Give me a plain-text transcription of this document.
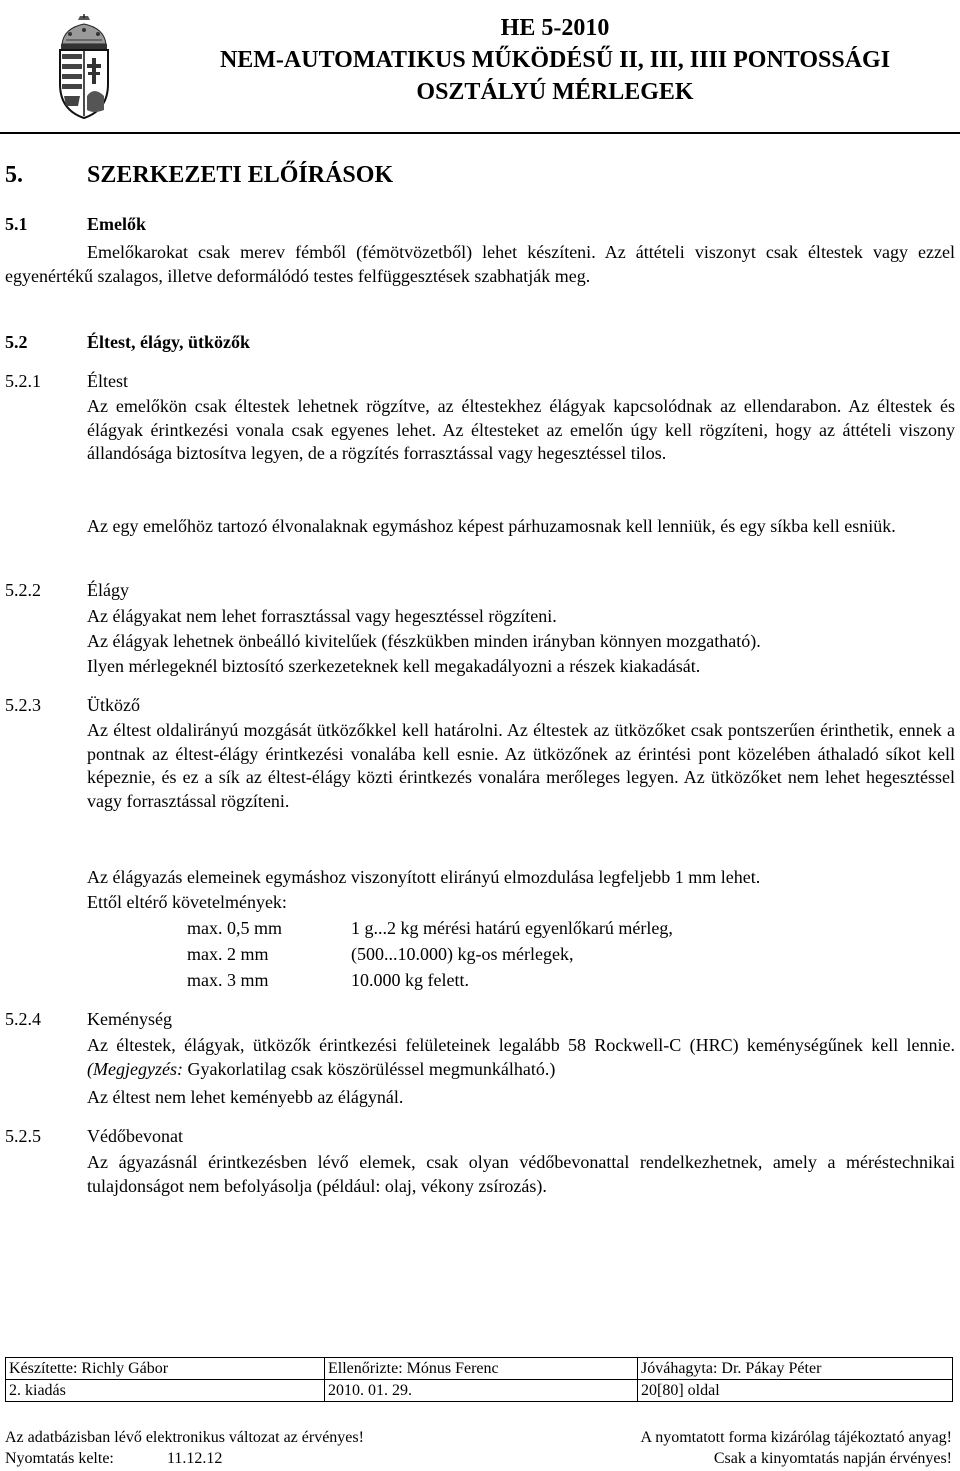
HE 5-2010
NEM-AUTOMATIKUS MŰKÖDÉSŰ II, III, IIII PONTOSSÁGI
OSZTÁLYÚ MÉRLEGEK
5.	SZERKEZETI ELŐÍRÁSOK
5.1	Emelők

Emelőkarokat csak merev fémből (fémötvözetből) lehet készíteni. Az áttételi viszonyt csak éltestek vagy ezzel egyenértékű szalagos, illetve deformálódó testes felfüggesztések szabhatják meg.

5.2	Éltest, élágy, ütközők
5.2.1	Éltest

Az emelőkön csak éltestek lehetnek rögzítve, az éltestekhez élágyak kapcsolódnak az ellendarabon. Az éltestek és élágyak érintkezési vonala csak egyenes lehet. Az éltesteket az emelőn úgy kell rögzíteni, hogy az áttételi viszony állandósága biztosítva legyen, de a rögzítés forrasztással vagy hegesztéssel tilos.

Az egy emelőhöz tartozó élvonalaknak egymáshoz képest párhuzamosnak kell lenniük, és egy síkba kell esniük.

5.2.2	Élágy
Az élágyakat nem lehet forrasztással vagy hegesztéssel rögzíteni.
Az élágyak lehetnek önbeálló kivitelűek (fészkükben minden irányban könnyen mozgatható).
Ilyen mérlegeknél biztosító szerkezeteknek kell megakadályozni a részek kiakadását.
5.2.3	Ütköző

Az éltest oldalirányú mozgását ütközőkkel kell határolni. Az éltestek az ütközőket csak pontszerűen érinthetik, ennek a pontnak az éltest-élágy érintkezési vonalába kell esnie. Az ütközőnek az érintési pont közelében áthaladó síkot kell képeznie, és ez a sík az éltest-élágy közti érintkezés vonalára merőleges legyen. Az ütközőket nem lehet hegesztéssel vagy forrasztással rögzíteni.

Az élágyazás elemeinek egymáshoz viszonyított elirányú elmozdulása legfeljebb 1 mm lehet.
Ettől eltérő követelmények:
max. 0,5 mm	1 g...2 kg mérési határú egyenlőkarú mérleg,
max. 2 mm	(500...10.000) kg-os mérlegek,
max. 3 mm	10.000 kg felett.
5.2.4	Keménység

Az éltestek, élágyak, ütközők érintkezési felületeinek legalább 58 Rockwell-C (HRC) keménységűnek kell lennie. (Megjegyzés: Gyakorlatilag csak köszörüléssel megmunkálható.)

Az éltest nem lehet keményebb az élágynál.
5.2.5	Védőbevonat

Az ágyazásnál érintkezésben lévő elemek, csak olyan védőbevonattal rendelkezhetnek, amely a méréstechnikai tulajdonságot nem befolyásolja (például: olaj, vékony zsírozás).

Készítette: Richly Gábor	Ellenőrizte: Mónus Ferenc	Jóváhagyta: Dr. Pákay Péter
2. kiadás	2010. 01. 29.	20[80] oldal
Az adatbázisban lévő elektronikus változat az érvényes!
Nyomtatás kelte:	11.12.12
A nyomtatott forma kizárólag tájékoztató anyag!
Csak a kinyomtatás napján érvényes!
